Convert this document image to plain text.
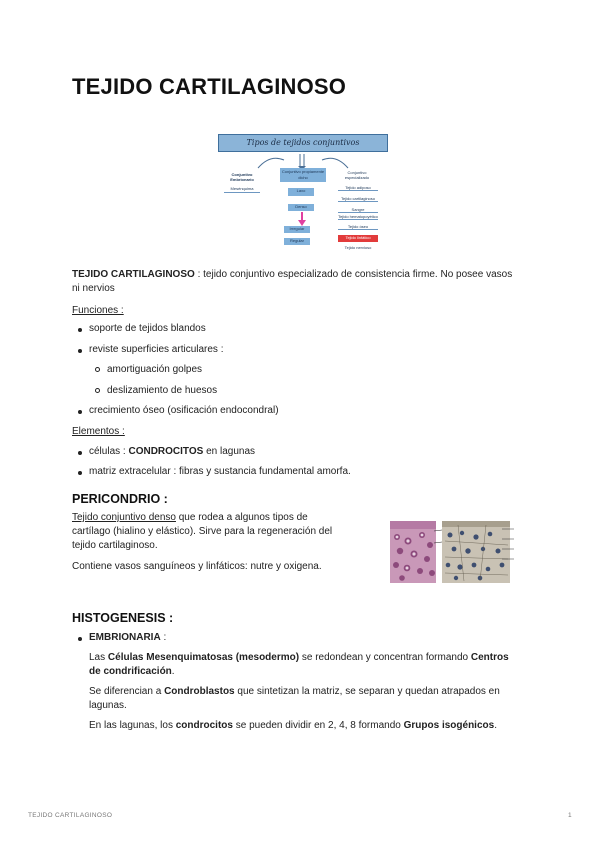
TEJIDO CARTILAGINOSO
Tipos de tejidos conjuntivos
Conjuntivo Embrionario
Mesénquima
Conjuntivo propiamente dicho
Laxo
Denso
Irregular
Regular
Conjuntivo especializado
Tejido adiposo
Tejido cartilaginoso
Sangre
Tejido hematopoyético
Tejido óseo
Tejido linfático
Tejido nervioso
TEJIDO CARTILAGINOSO : tejido conjuntivo especializado de consistencia firme. No posee vasos
ni nervios
Funciones :
soporte de tejidos blandos
reviste superficies articulares :
amortiguación golpes
deslizamiento de huesos
crecimiento óseo (osificación endocondral)
Elementos :
células : CONDROCITOS en lagunas
matriz extracelular : fibras y sustancia fundamental amorfa.
PERICONDRIO :
Tejido conjuntivo denso que rodea a algunos tipos de
cartílago (hialino y elástico). Sirve para la regeneración del
tejido cartilaginoso.
Contiene vasos sanguíneos y linfáticos: nutre y oxigena.
HISTOGENESIS :
EMBRIONARIA :
Las Células Mesenquimatosas (mesodermo) se redondean y concentran formando Centros
de condrificación.
Se diferencian a Condroblastos que sintetizan la matriz, se separan y quedan atrapados en
lagunas.
En las lagunas, los condrocitos se pueden dividir en 2, 4, 8 formando Grupos isogénicos.
TEJIDO CARTILAGINOSO	1
